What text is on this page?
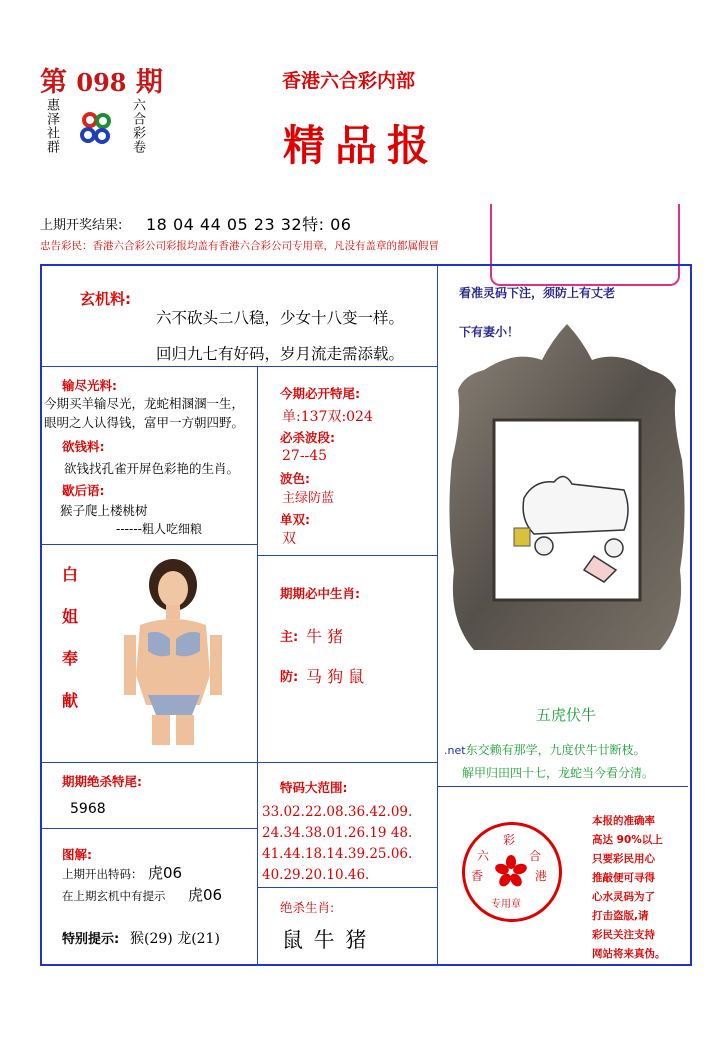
第 098 期
惠泽社群	六合彩卷
香港六合彩内部
精品报
上期开奖结果: 18 04 44 05 23 32特: 06
忠告彩民：香港六合彩公司彩报均盖有香港六合彩公司专用章，凡没有盖章的都属假冒
玄机料:
六不砍头二八稳，少女十八变一样。
回归九七有好码，岁月流走需添载。
输尽光料:
今期买羊输尽光，龙蛇相溷溷一生，
眼明之人认得钱，富甲一方朝四野。
欲钱料:
欲钱找孔雀开屏色彩艳的生肖。
歇后语:
猴子爬上楼桃树
------粗人吃细粮
白
姐
奉
献
今期必开特尾:
单:137双:024
必杀波段:
27--45
波色:
主绿防蓝
单双:
双
期期必中生肖:
主: 牛 猪
防: 马 狗 鼠
期期绝杀特尾:
5968
图解:
上期开出特码： 虎06
在上期玄机中有提示 虎06
特别提示: 猴(29) 龙(21)
特码大范围:
33.02.22.08.36.42.09.
24.34.38.01.26.19 48.
41.44.18.14.39.25.06.
40.29.20.10.46.
绝杀生肖:
鼠 牛 猪
看准灵码下注，须防上有丈老
下有妻小！
五虎伏牛
.net东交赖有那学，九度伏牛廿断枝。
解甲归田四十七，龙蛇当今看分清。
彩
六	合
香	港
专用章
本报的准确率
高达 90%以上
只要彩民用心
推敲便可寻得
心水灵码为了
打击盗版,请
彩民关注支持
网站将来真伪。
